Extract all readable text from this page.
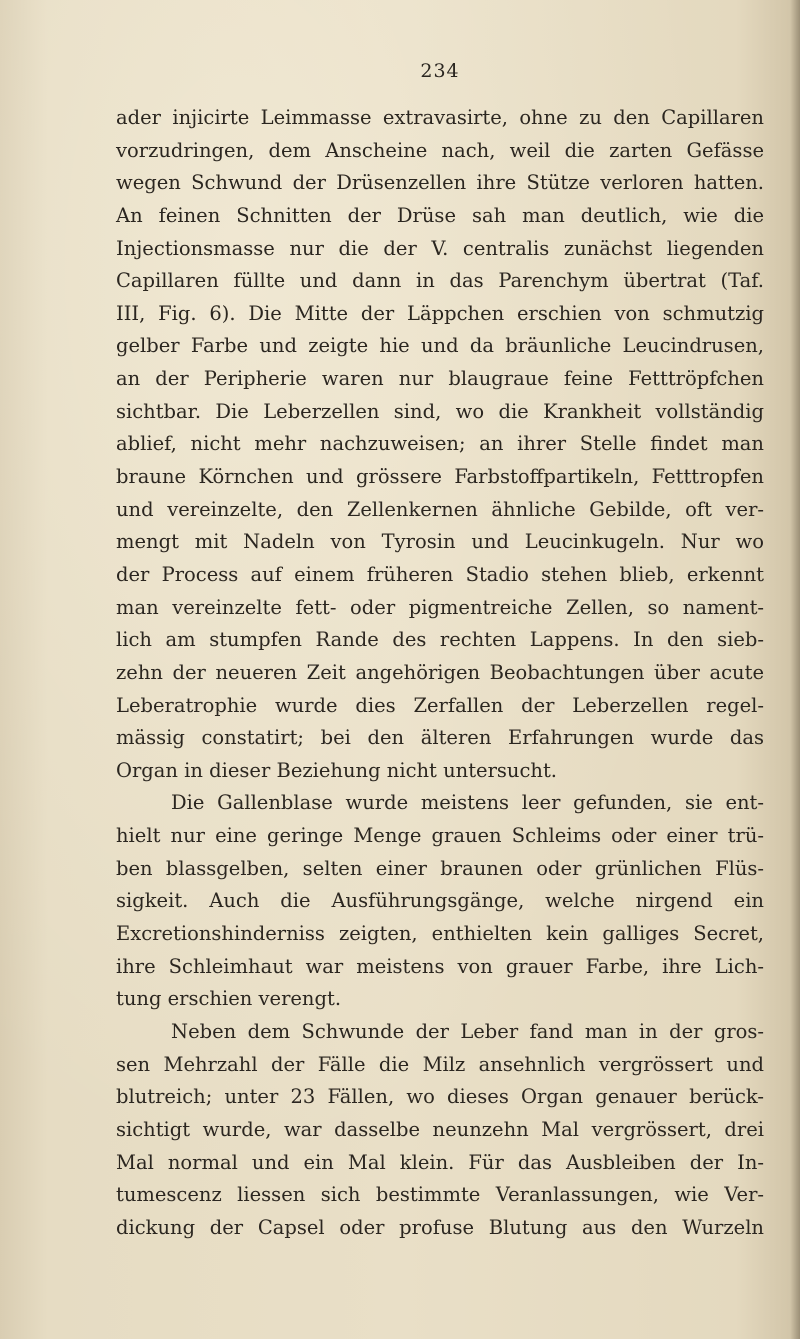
234
ader injicirte Leimmasse extravasirte, ohne zu den Capillaren
vorzudringen, dem Anscheine nach, weil die zarten Gefässe
wegen Schwund der Drüsenzellen ihre Stütze verloren hatten.
An feinen Schnitten der Drüse sah man deutlich, wie die
Injectionsmasse nur die der V. centralis zunächst liegenden
Capillaren füllte und dann in das Parenchym übertrat (Taf.
III, Fig. 6). Die Mitte der Läppchen erschien von schmutzig
gelber Farbe und zeigte hie und da bräunliche Leucindrusen,
an der Peripherie waren nur blaugraue feine Fetttröpfchen
sichtbar. Die Leberzellen sind, wo die Krankheit vollständig
ablief, nicht mehr nachzuweisen; an ihrer Stelle findet man
braune Körnchen und grössere Farbstoffpartikeln, Fetttropfen
und vereinzelte, den Zellenkernen ähnliche Gebilde, oft ver-
mengt mit Nadeln von Tyrosin und Leucinkugeln. Nur wo
der Process auf einem früheren Stadio stehen blieb, erkennt
man vereinzelte fett- oder pigmentreiche Zellen, so nament-
lich am stumpfen Rande des rechten Lappens. In den sieb-
zehn der neueren Zeit angehörigen Beobachtungen über acute
Leberatrophie wurde dies Zerfallen der Leberzellen regel-
mässig constatirt; bei den älteren Erfahrungen wurde das
Organ in dieser Beziehung nicht untersucht.
Die Gallenblase wurde meistens leer gefunden, sie ent-
hielt nur eine geringe Menge grauen Schleims oder einer trü-
ben blassgelben, selten einer braunen oder grünlichen Flüs-
sigkeit. Auch die Ausführungsgänge, welche nirgend ein
Excretionshinderniss zeigten, enthielten kein galliges Secret,
ihre Schleimhaut war meistens von grauer Farbe, ihre Lich-
tung erschien verengt.
Neben dem Schwunde der Leber fand man in der gros-
sen Mehrzahl der Fälle die Milz ansehnlich vergrössert und
blutreich; unter 23 Fällen, wo dieses Organ genauer berück-
sichtigt wurde, war dasselbe neunzehn Mal vergrössert, drei
Mal normal und ein Mal klein. Für das Ausbleiben der In-
tumescenz liessen sich bestimmte Veranlassungen, wie Ver-
dickung der Capsel oder profuse Blutung aus den Wurzeln
